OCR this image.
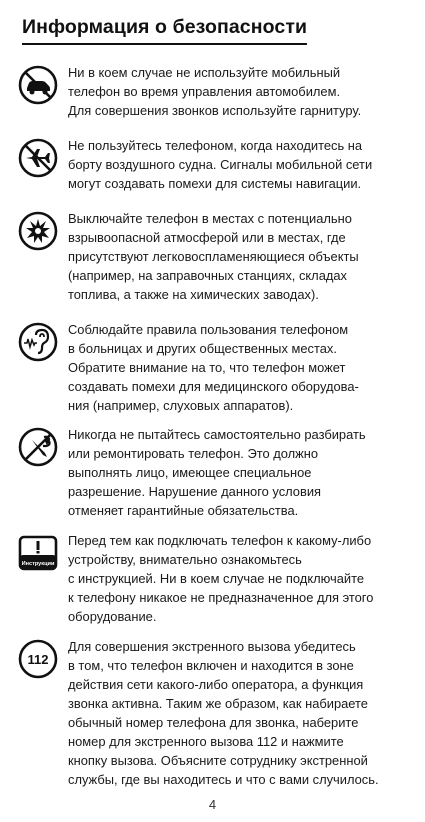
Информация о безопасности
Ни в коем случае не используйте мобильный
телефон во время управления автомобилем.
Для совершения звонков используйте гарнитуру.
Не пользуйтесь телефоном, когда находитесь на
борту воздушного судна. Сигналы мобильной сети
могут создавать помехи для системы навигации.
Выключайте телефон в местах с потенциально
взрывоопасной атмосферой или в местах, где
присутствуют легковоспламеняющиеся объекты
(например, на заправочных станциях, складах
топлива, а также на химических заводах).
Соблюдайте правила пользования телефоном
в больницах и других общественных местах.
Обратите внимание на то, что телефон может
создавать помехи для медицинского оборудова-
ния (например, слуховых аппаратов).
Никогда не пытайтесь самостоятельно разбирать
или ремонтировать телефон. Это должно
выполнять лицо, имеющее специальное
разрешение. Нарушение данного условия
отменяет гарантийные обязательства.
Инструкции
Перед тем как подключать телефон к какому-либо
устройству, внимательно ознакомьтесь
с инструкцией. Ни в коем случае не подключайте
к телефону никакое не предназначенное для этого
оборудование.
112
Для совершения экстренного вызова убедитесь
в том, что телефон включен и находится в зоне
действия сети какого-либо оператора, а функция
звонка активна. Таким же образом, как набираете
обычный номер телефона для звонка, наберите
номер для экстренного вызова 112 и нажмите
кнопку вызова. Объясните сотруднику экстренной
службы, где вы находитесь и что с вами случилось.
4
